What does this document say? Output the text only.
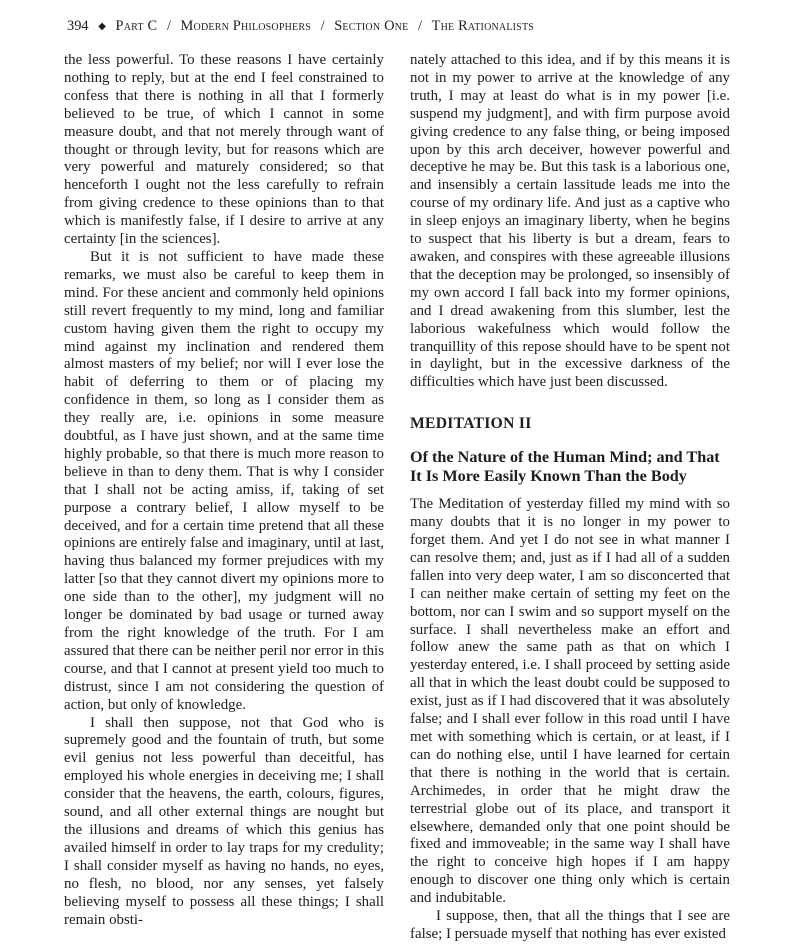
394 ◆ Part C / Modern Philosophers / Section One / The Rationalists

the less powerful. To these reasons I have certainly nothing to reply, but at the end I feel constrained to confess that there is nothing in all that I formerly believed to be true, of which I cannot in some measure doubt, and that not merely through want of thought or through levity, but for reasons which are very powerful and maturely considered; so that henceforth I ought not the less carefully to refrain from giving credence to these opinions than to that which is manifestly false, if I desire to arrive at any certainty [in the sciences].

But it is not sufficient to have made these remarks, we must also be careful to keep them in mind. For these ancient and commonly held opinions still revert frequently to my mind, long and familiar custom having given them the right to occupy my mind against my inclination and rendered them almost masters of my belief; nor will I ever lose the habit of deferring to them or of placing my confidence in them, so long as I consider them as they really are, i.e. opinions in some measure doubtful, as I have just shown, and at the same time highly probable, so that there is much more reason to believe in than to deny them. That is why I consider that I shall not be acting amiss, if, taking of set purpose a contrary belief, I allow myself to be deceived, and for a certain time pretend that all these opinions are entirely false and imaginary, until at last, having thus balanced my former prejudices with my latter [so that they cannot divert my opinions more to one side than to the other], my judgment will no longer be dominated by bad usage or turned away from the right knowledge of the truth. For I am assured that there can be neither peril nor error in this course, and that I cannot at present yield too much to distrust, since I am not considering the question of action, but only of knowledge.

I shall then suppose, not that God who is supremely good and the fountain of truth, but some evil genius not less powerful than deceitful, has employed his whole energies in deceiving me; I shall consider that the heavens, the earth, colours, figures, sound, and all other external things are nought but the illusions and dreams of which this genius has availed himself in order to lay traps for my credulity; I shall consider myself as having no hands, no eyes, no flesh, no blood, nor any senses, yet falsely believing myself to possess all these things; I shall remain obsti-

nately attached to this idea, and if by this means it is not in my power to arrive at the knowledge of any truth, I may at least do what is in my power [i.e. suspend my judgment], and with firm purpose avoid giving credence to any false thing, or being imposed upon by this arch deceiver, however powerful and deceptive he may be. But this task is a laborious one, and insensibly a certain lassitude leads me into the course of my ordinary life. And just as a captive who in sleep enjoys an imaginary liberty, when he begins to suspect that his liberty is but a dream, fears to awaken, and conspires with these agreeable illusions that the deception may be prolonged, so insensibly of my own accord I fall back into my former opinions, and I dread awakening from this slumber, lest the laborious wakefulness which would follow the tranquillity of this repose should have to be spent not in daylight, but in the excessive darkness of the difficulties which have just been discussed.

MEDITATION II
Of the Nature of the Human Mind; and That It Is More Easily Known Than the Body

The Meditation of yesterday filled my mind with so many doubts that it is no longer in my power to forget them. And yet I do not see in what manner I can resolve them; and, just as if I had all of a sudden fallen into very deep water, I am so disconcerted that I can neither make certain of setting my feet on the bottom, nor can I swim and so support myself on the surface. I shall nevertheless make an effort and follow anew the same path as that on which I yesterday entered, i.e. I shall proceed by setting aside all that in which the least doubt could be supposed to exist, just as if I had discovered that it was absolutely false; and I shall ever follow in this road until I have met with something which is certain, or at least, if I can do nothing else, until I have learned for certain that there is nothing in the world that is certain. Archimedes, in order that he might draw the terrestrial globe out of its place, and transport it elsewhere, demanded only that one point should be fixed and immoveable; in the same way I shall have the right to conceive high hopes if I am happy enough to discover one thing only which is certain and indubitable.

I suppose, then, that all the things that I see are false; I persuade myself that nothing has ever existed
